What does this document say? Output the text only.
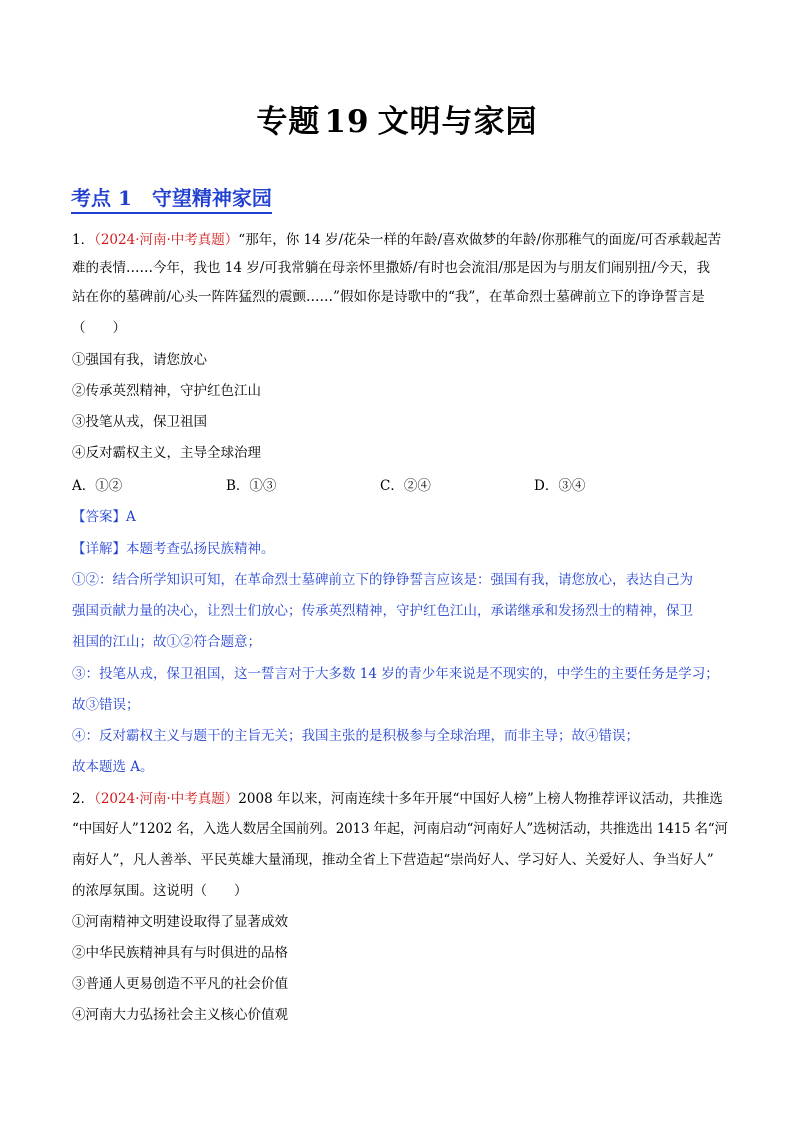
专题 19 文明与家园
考点 1　守望精神家园
1．（2024·河南·中考真题）“那年，你 14 岁/花朵一样的年龄/喜欢做梦的年龄/你那稚气的面庞/可否承载起苦
难的表情……今年，我也 14 岁/可我常躺在母亲怀里撒娇/有时也会流泪/那是因为与朋友们闹别扭/今天，我
站在你的墓碑前/心头一阵阵猛烈的震颤……”假如你是诗歌中的“我”，在革命烈士墓碑前立下的诤诤誓言是
（　　）
①强国有我，请您放心
②传承英烈精神，守护红色江山
③投笔从戎，保卫祖国
④反对霸权主义，主导全球治理
A．①②	B．①③	C．②④	D．③④
【答案】A
【详解】本题考查弘扬民族精神。
①②：结合所学知识可知，在革命烈士墓碑前立下的铮铮誓言应该是：强国有我，请您放心，表达自己为
强国贡献力量的决心，让烈士们放心；传承英烈精神，守护红色江山，承诺继承和发扬烈士的精神，保卫
祖国的江山；故①②符合题意；
③：投笔从戎，保卫祖国，这一誓言对于大多数 14 岁的青少年来说是不现实的，中学生的主要任务是学习；
故③错误；
④：反对霸权主义与题干的主旨无关；我国主张的是积极参与全球治理，而非主导；故④错误；
故本题选 A。
2．（2024·河南·中考真题）2008 年以来，河南连续十多年开展“中国好人榜”上榜人物推荐评议活动，共推选
“中国好人”1202 名，入选人数居全国前列。2013 年起，河南启动“河南好人”选树活动，共推选出 1415 名“河
南好人”，凡人善举、平民英雄大量涌现，推动全省上下营造起“崇尚好人、学习好人、关爱好人、争当好人”
的浓厚氛围。这说明（　　）
①河南精神文明建设取得了显著成效
②中华民族精神具有与时俱进的品格
③普通人更易创造不平凡的社会价值
④河南大力弘扬社会主义核心价值观
